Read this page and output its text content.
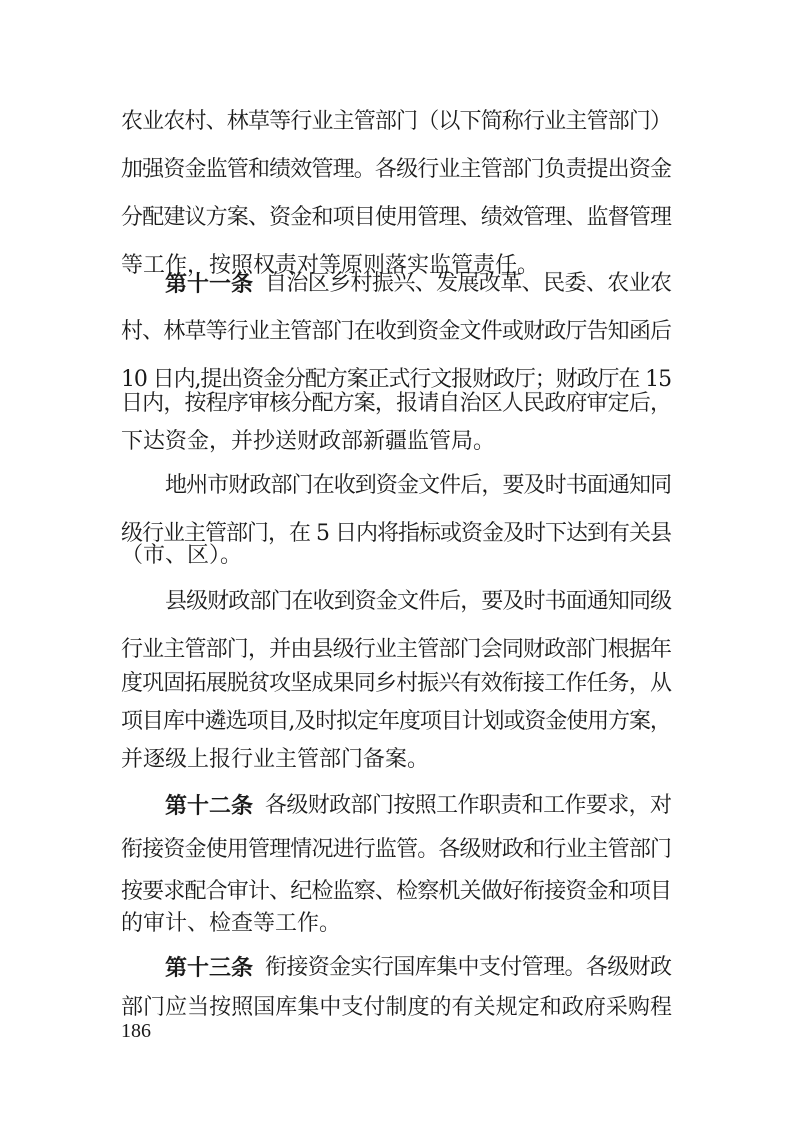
农业农村、林草等行业主管部门（以下简称行业主管部门）
加强资金监管和绩效管理。各级行业主管部门负责提出资金
分配建议方案、资金和项目使用管理、绩效管理、监督管理
等工作，按照权责对等原则落实监管责任。
第十一条 自治区乡村振兴、发展改革、民委、农业农
村、林草等行业主管部门在收到资金文件或财政厅告知函后
10 日内,提出资金分配方案正式行文报财政厅；财政厅在 15
日内，按程序审核分配方案，报请自治区人民政府审定后，
下达资金，并抄送财政部新疆监管局。
地州市财政部门在收到资金文件后，要及时书面通知同
级行业主管部门，在 5 日内将指标或资金及时下达到有关县
（市、区）。
县级财政部门在收到资金文件后，要及时书面通知同级
行业主管部门，并由县级行业主管部门会同财政部门根据年
度巩固拓展脱贫攻坚成果同乡村振兴有效衔接工作任务，从
项目库中遴选项目,及时拟定年度项目计划或资金使用方案，
并逐级上报行业主管部门备案。
第十二条 各级财政部门按照工作职责和工作要求，对
衔接资金使用管理情况进行监管。各级财政和行业主管部门
按要求配合审计、纪检监察、检察机关做好衔接资金和项目
的审计、检查等工作。
第十三条 衔接资金实行国库集中支付管理。各级财政
部门应当按照国库集中支付制度的有关规定和政府采购程
186
